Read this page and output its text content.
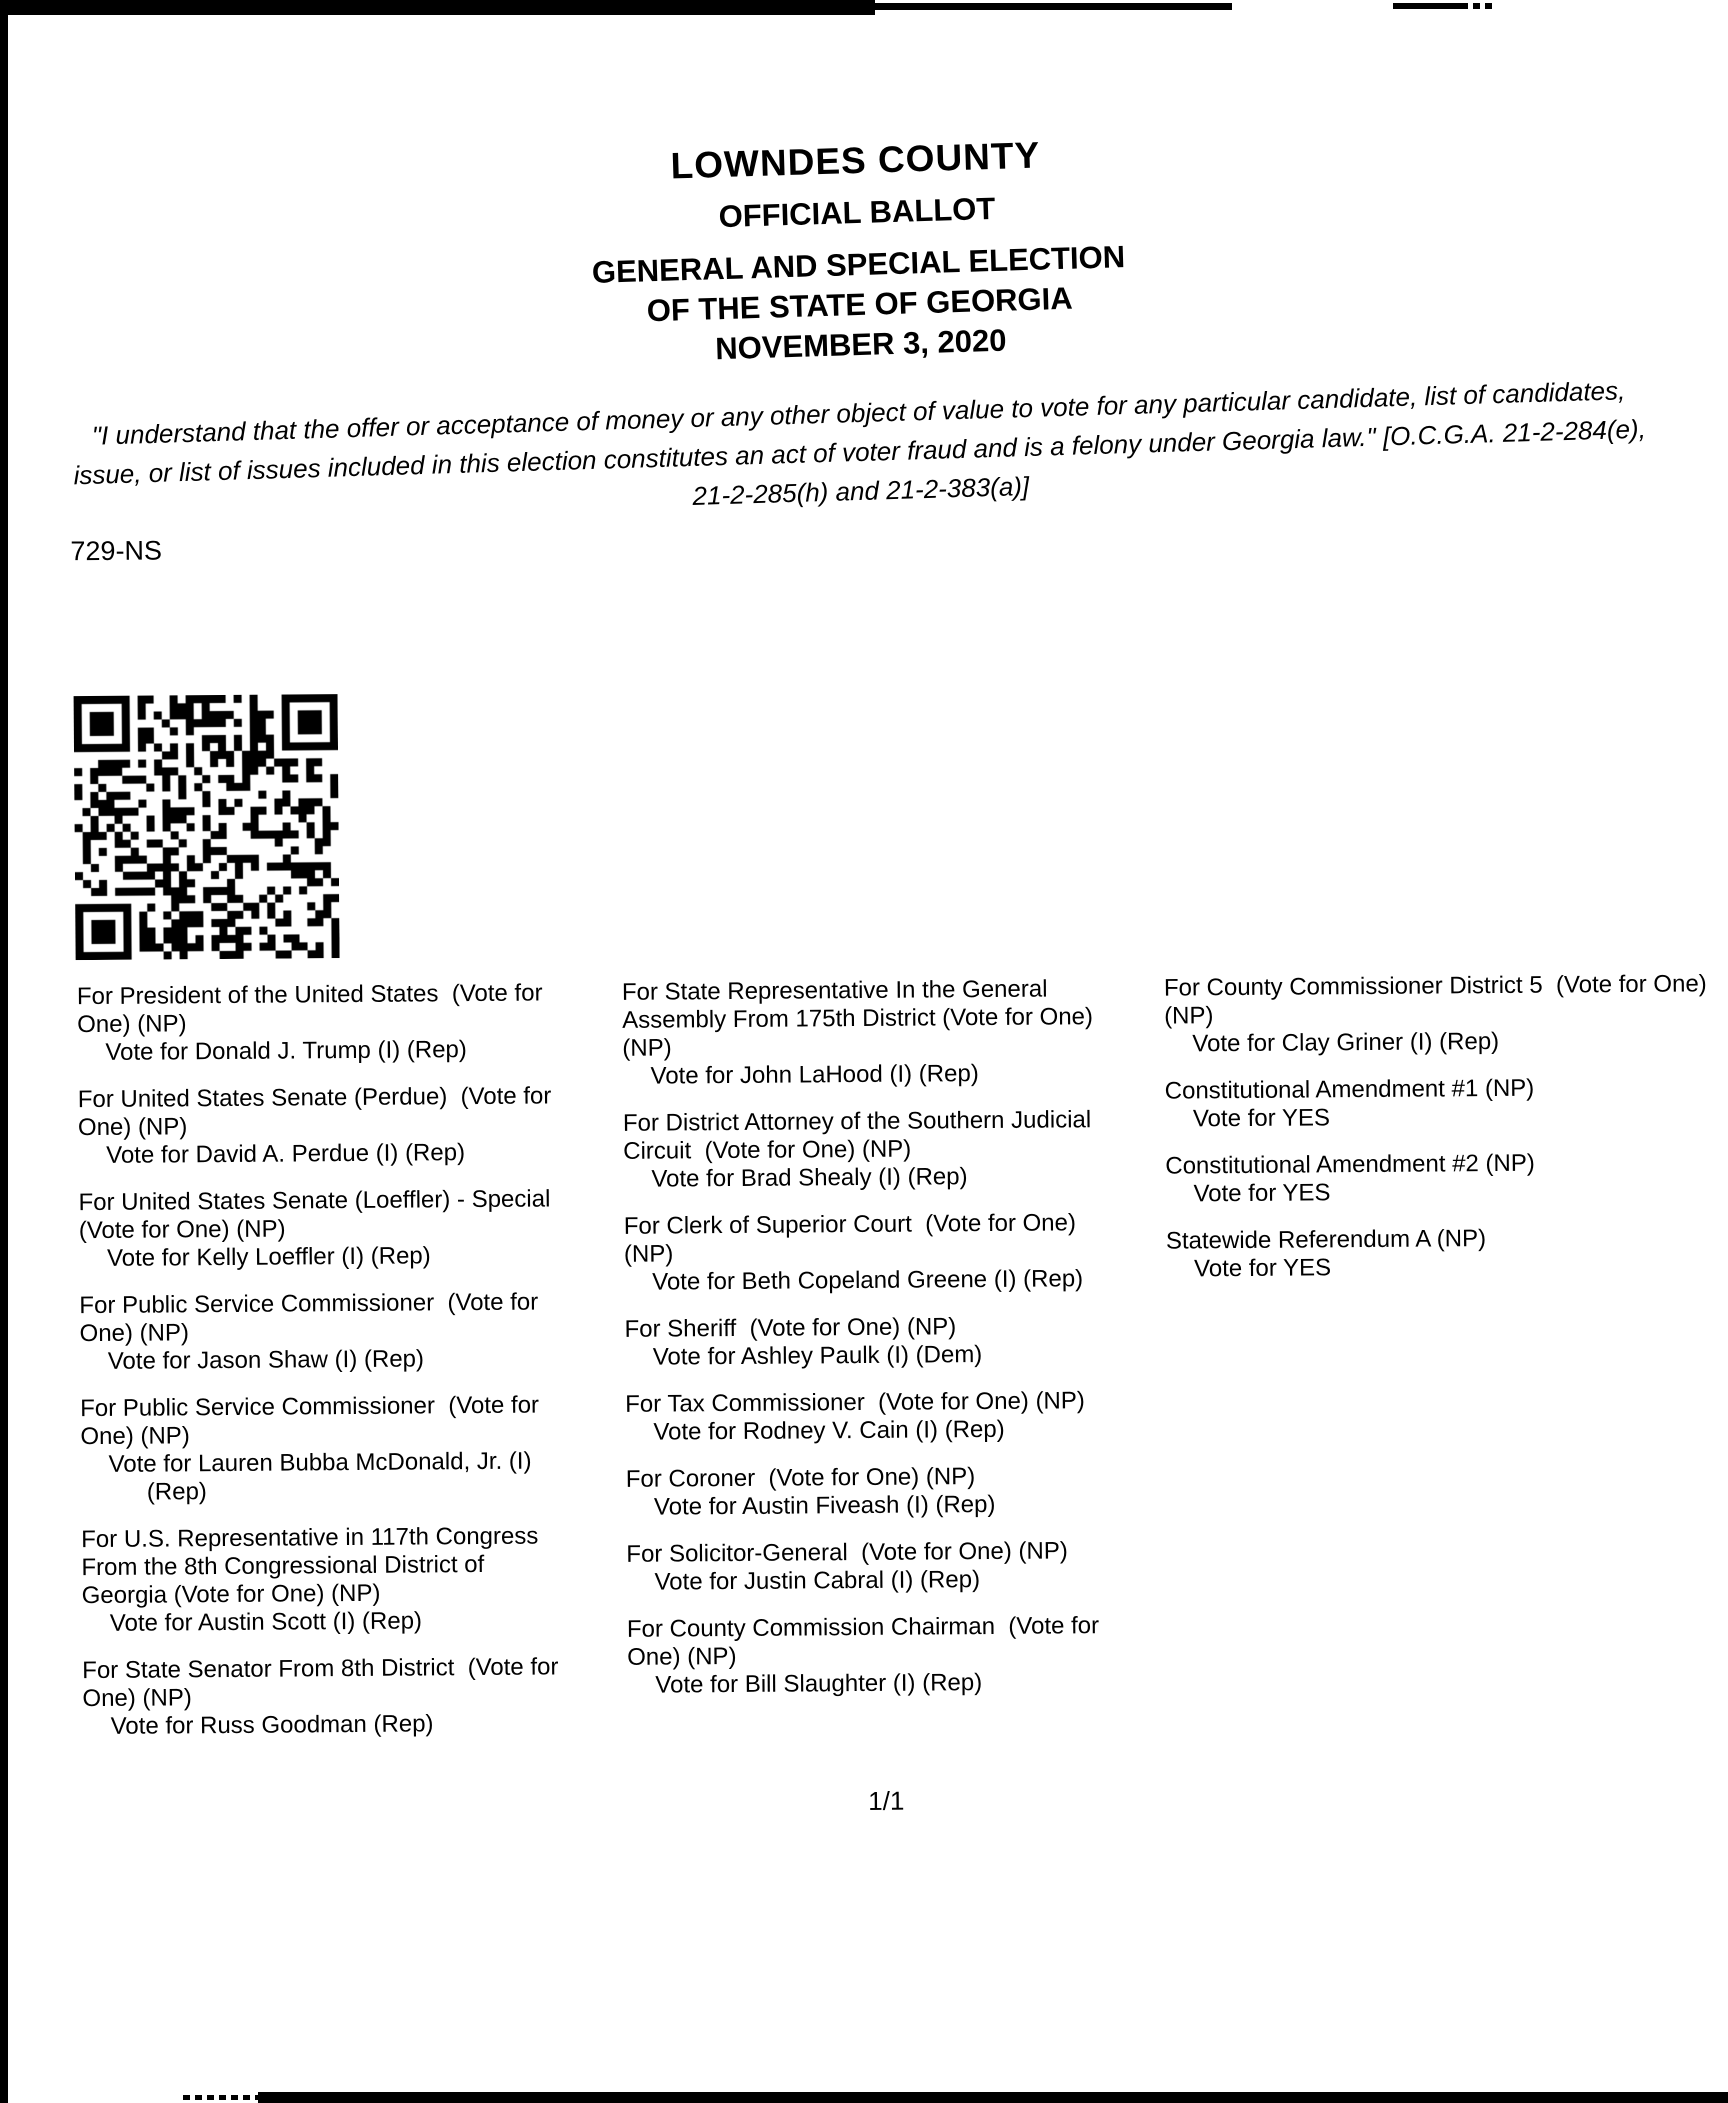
LOWNDES COUNTY
OFFICIAL BALLOT
GENERAL AND SPECIAL ELECTION
OF THE STATE OF GEORGIA
NOVEMBER 3, 2020
"I understand that the offer or acceptance of money or any other object of value to vote for any particular candidate, list of candidates, issue, or list of issues included in this election constitutes an act of voter fraud and is a felony under Georgia law." [O.C.G.A. 21-2-284(e), 21-2-285(h) and 21-2-383(a)]
729-NS
For President of the United States  (Vote for One) (NP)
Vote for Donald J. Trump (I) (Rep)
For United States Senate (Perdue)  (Vote for One) (NP)
Vote for David A. Perdue (I) (Rep)
For United States Senate (Loeffler) - Special  (Vote for One) (NP)
Vote for Kelly Loeffler (I) (Rep)
For Public Service Commissioner  (Vote for One) (NP)
Vote for Jason Shaw (I) (Rep)
For Public Service Commissioner  (Vote for One) (NP)
Vote for Lauren Bubba McDonald, Jr. (I) (Rep)
For U.S. Representative in 117th Congress From the 8th Congressional District of Georgia (Vote for One) (NP)
Vote for Austin Scott (I) (Rep)
For State Senator From 8th District  (Vote for One) (NP)
Vote for Russ Goodman (Rep)
For State Representative In the General Assembly From 175th District (Vote for One) (NP)
Vote for John LaHood (I) (Rep)
For District Attorney of the Southern Judicial Circuit  (Vote for One) (NP)
Vote for Brad Shealy (I) (Rep)
For Clerk of Superior Court  (Vote for One) (NP)
Vote for Beth Copeland Greene (I) (Rep)
For Sheriff  (Vote for One) (NP)
Vote for Ashley Paulk (I) (Dem)
For Tax Commissioner  (Vote for One) (NP)
Vote for Rodney V. Cain (I) (Rep)
For Coroner  (Vote for One) (NP)
Vote for Austin Fiveash (I) (Rep)
For Solicitor-General  (Vote for One) (NP)
Vote for Justin Cabral (I) (Rep)
For County Commission Chairman  (Vote for One) (NP)
Vote for Bill Slaughter (I) (Rep)
For County Commissioner District 5  (Vote for One) (NP)
Vote for Clay Griner (I) (Rep)
Constitutional Amendment #1 (NP)
Vote for YES
Constitutional Amendment #2 (NP)
Vote for YES
Statewide Referendum A (NP)
Vote for YES
1/1
